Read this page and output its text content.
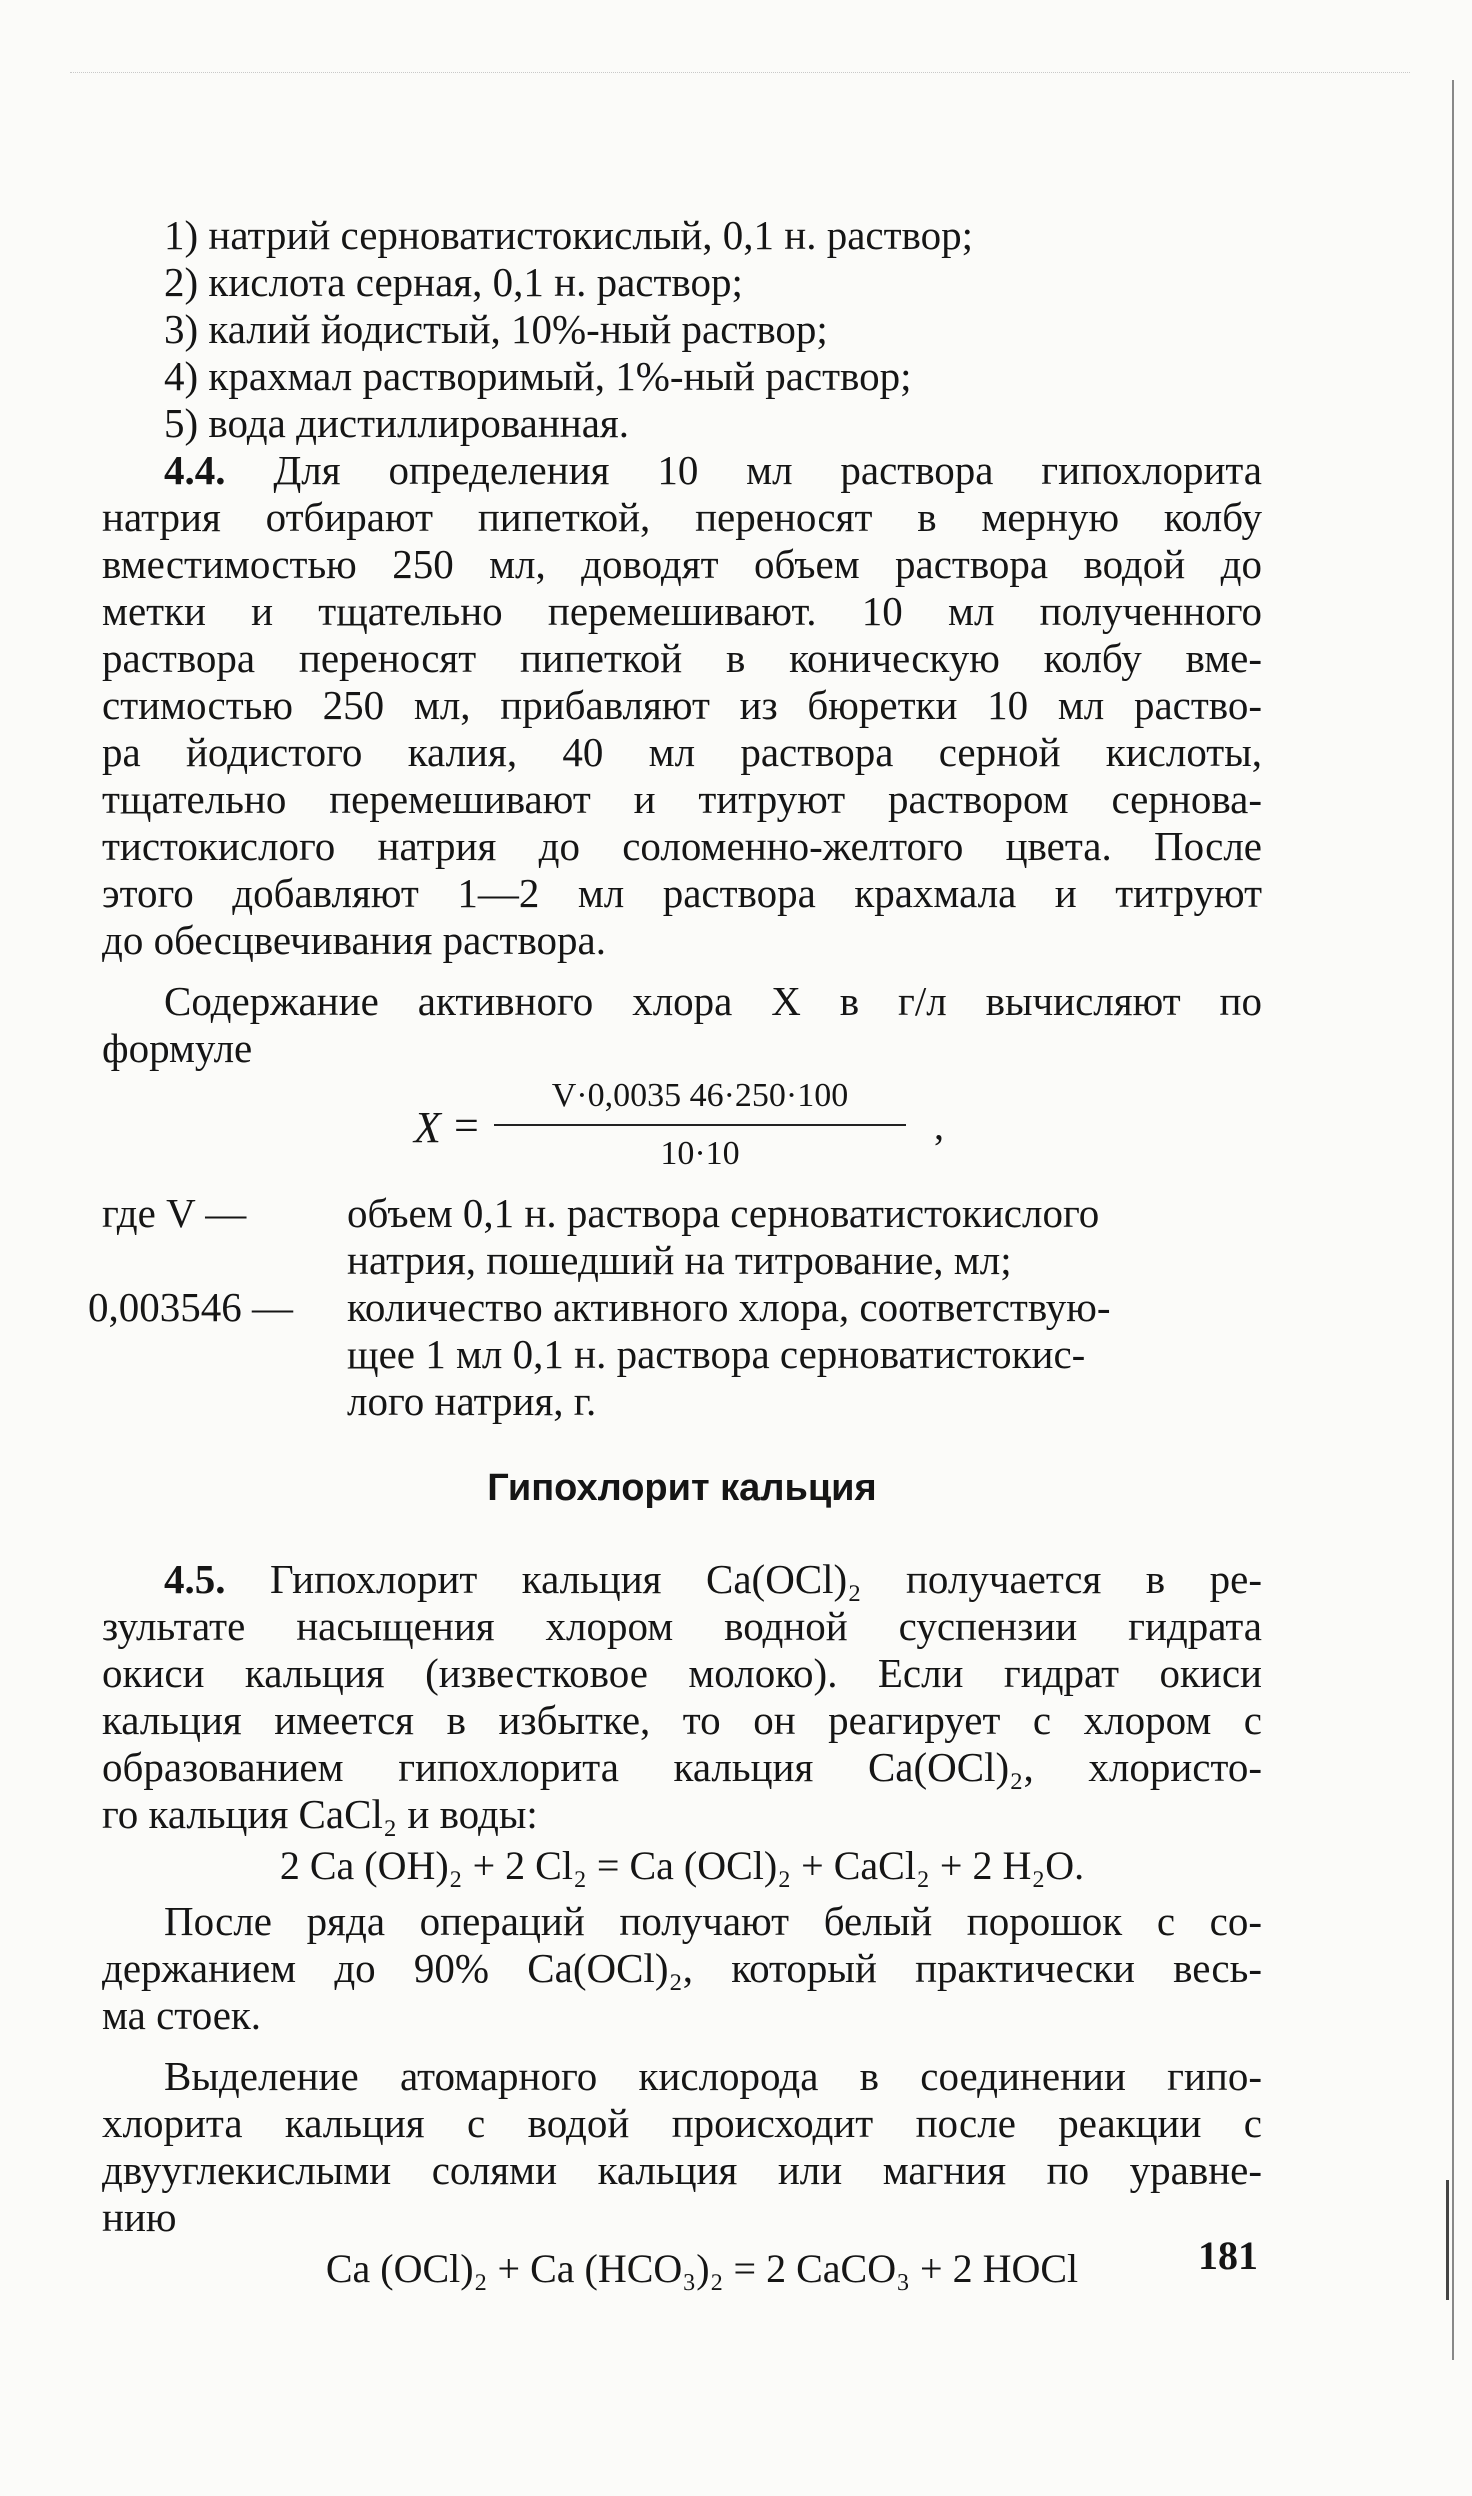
1) натрий серноватистокислый, 0,1 н. раствор;
2) кислота серная, 0,1 н. раствор;
3) калий йодистый, 10%-ный раствор;
4) крахмал растворимый, 1%-ный раствор;
5) вода дистиллированная.
4.4. Для определения 10 мл раствора гипохлорита
натрия отбирают пипеткой, переносят в мерную колбу
вместимостью 250 мл, доводят объем раствора водой до
метки и тщательно перемешивают. 10 мл полученного
раствора переносят пипеткой в коническую колбу вме-
стимостью 250 мл, прибавляют из бюретки 10 мл раство-
ра йодистого калия, 40 мл раствора серной кислоты,
тщательно перемешивают и титруют раствором сернова-
тистокислого натрия до соломенно-желтого цвета. После
этого добавляют 1—2 мл раствора крахмала и титруют
до обесцвечивания раствора.
Содержание активного хлора X в г/л вычисляют по
формуле
X =
V·0,0035 46·250·100
10·10
,
где V — объем 0,1 н. раствора серноватистокислого
натрия, пошедший на титрование, мл;
0,003546 — количество активного хлора, соответствую-
щее 1 мл 0,1 н. раствора серноватистокис-
лого натрия, г.
Гипохлорит кальция
4.5. Гипохлорит кальция Ca(OCl)₂ получается в ре-
зультате насыщения хлором водной суспензии гидрата
окиси кальция (известковое молоко). Если гидрат окиси
кальция имеется в избытке, то он реагирует с хлором с
образованием гипохлорита кальция Ca(OCl)₂, хлористо-
го кальция CaCl₂ и воды:
2 Ca (OH)₂ + 2 Cl₂ = Ca (OCl)₂ + CaCl₂ + 2 H₂O.
После ряда операций получают белый порошок с со-
держанием до 90% Ca(OCl)₂, который практически весь-
ма стоек.
Выделение атомарного кислорода в соединении гипо-
хлорита кальция с водой происходит после реакции с
двууглекислыми солями кальция или магния по уравне-
нию
Ca (OCl)₂ + Ca (HCO₃)₂ = 2 CaCO₃ + 2 HOCl	181
